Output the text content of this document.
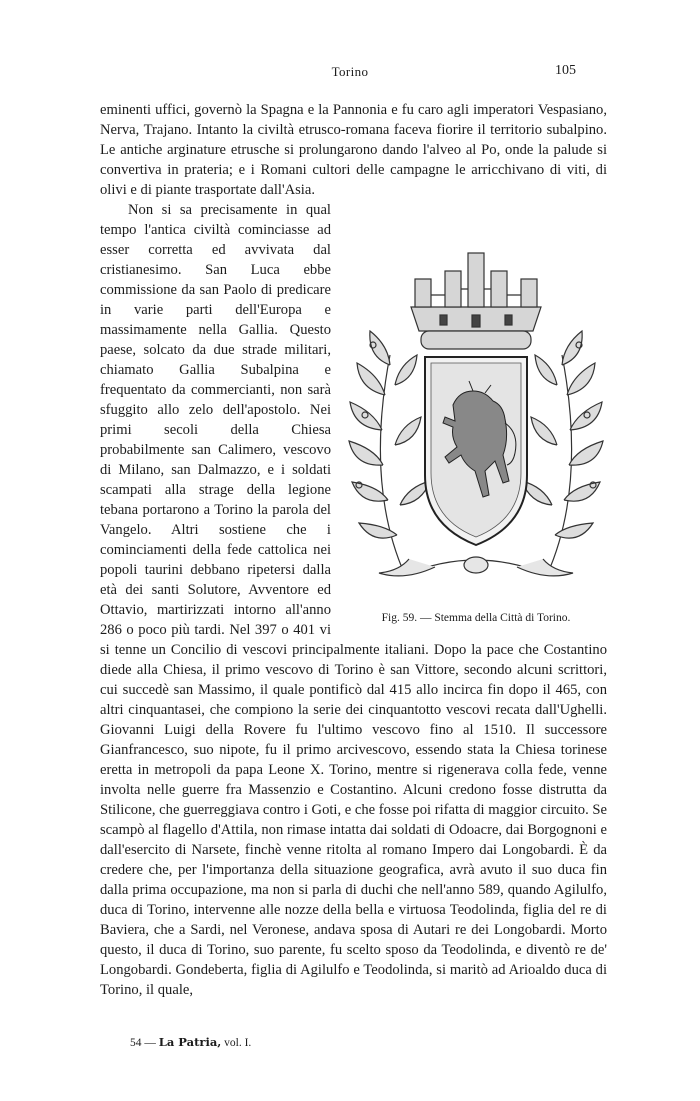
Torino	105

eminenti uffici, governò la Spagna e la Pannonia e fu caro agli imperatori Vespasiano, Nerva, Trajano. Intanto la civiltà etrusco-romana faceva fiorire il territorio subalpino. Le antiche arginature etrusche si prolungarono dando l'alveo al Po, onde la palude si convertiva in prateria; e i Romani cultori delle campagne le arricchivano di viti, di olivi e di piante trasportate dall'Asia.

Fig. 59. — Stemma della Città di Torino.

Non si sa precisamente in qual tempo l'antica civiltà cominciasse ad esser corretta ed avvivata dal cristianesimo. San Luca ebbe commissione da san Paolo di predicare in varie parti dell'Europa e massimamente nella Gallia. Questo paese, solcato da due strade militari, chiamato Gallia Subalpina e frequentato da commercianti, non sarà sfuggito allo zelo dell'apostolo. Nei primi secoli della Chiesa probabilmente san Calimero, vescovo di Milano, san Dalmazzo, e i soldati scampati alla strage della legione tebana portarono a Torino la parola del Vangelo. Altri sostiene che i cominciamenti della fede cattolica nei popoli taurini debbano ripetersi dalla età dei santi Solutore, Avventore ed Ottavio, martirizzati intorno all'anno 286 o poco più tardi. Nel 397 o 401 vi si tenne un Concilio di vescovi principalmente italiani. Dopo la pace che Costantino diede alla Chiesa, il primo vescovo di Torino è san Vittore, secondo alcuni scrittori, cui succedè san Massimo, il quale pontificò dal 415 allo incirca fin dopo il 465, con altri cinquantasei, che compiono la serie dei cinquantotto vescovi recata dall'Ughelli. Giovanni Luigi della Rovere fu l'ultimo vescovo fino al 1510. Il successore Gianfrancesco, suo nipote, fu il primo arcivescovo, essendo stata la Chiesa torinese eretta in metropoli da papa Leone X. Torino, mentre si rigenerava colla fede, venne involta nelle guerre fra Massenzio e Costantino. Alcuni credono fosse distrutta da Stilicone, che guerreggiava contro i Goti, e che fosse poi rifatta di maggior circuito. Se scampò al flagello d'Attila, non rimase intatta dai soldati di Odoacre, dai Borgognoni e dall'esercito di Narsete, finchè venne ritolta al romano Impero dai Longobardi. È da credere che, per l'importanza della situazione geografica, avrà avuto il suo duca fin dalla prima occupazione, ma non si parla di duchi che nell'anno 589, quando Agilulfo, duca di Torino, intervenne alle nozze della bella e virtuosa Teodolinda, figlia del re di Baviera, che a Sardi, nel Veronese, andava sposa di Autari re dei Longobardi. Morto questo, il duca di Torino, suo parente, fu scelto sposo da Teodolinda, e diventò re de' Longobardi. Gondeberta, figlia di Agilulfo e Teodolinda, si maritò ad Arioaldo duca di Torino, il quale,

54 — La Patria, vol. I.
